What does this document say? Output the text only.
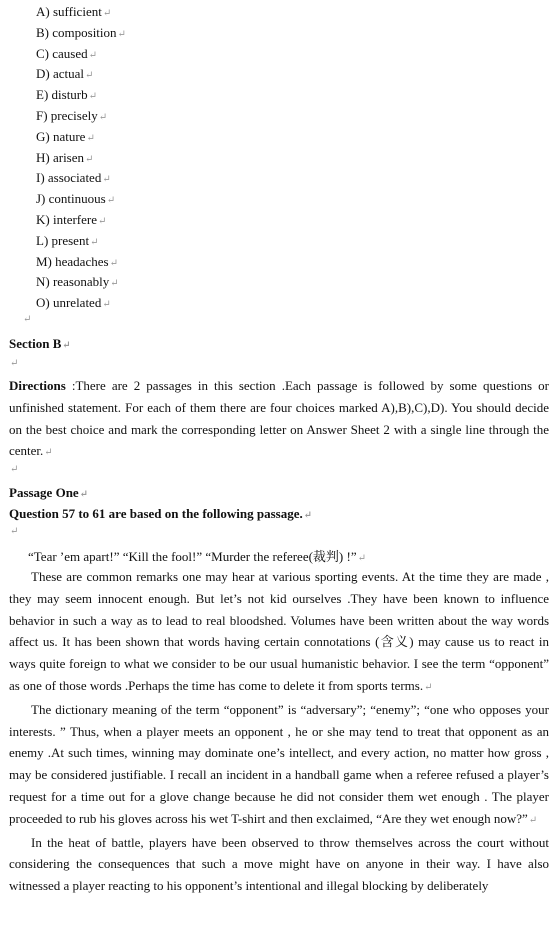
A) sufficient↵
B) composition↵
C) caused↵
D) actual↵
E) disturb↵
F) precisely↵
G) nature↵
H) arisen↵
I) associated↵
J) continuous↵
K) interfere↵
L) present↵
M) headaches↵
N) reasonably↵
O) unrelated↵
↵
Section B↵
↵

Directions :There are 2 passages in this section .Each passage is followed by some questions or unfinished statement. For each of them there are four choices marked A),B),C),D). You should decide on the best choice and mark the corresponding letter on Answer Sheet 2 with a single line through the center.↵

↵
Passage One↵
Question 57 to 61 are based on the following passage.↵
↵
“Tear ’em apart!” “Kill the fool!” “Murder the referee(裁判) !”↵

These are common remarks one may hear at various sporting events. At the time they are made , they may seem innocent enough. But let’s not kid ourselves .They have been known to influence behavior in such a way as to lead to real bloodshed. Volumes have been written about the way words affect us. It has been shown that words having certain connotations (含义) may cause us to react in ways quite foreign to what we consider to be our usual humanistic behavior. I see the term “opponent” as one of those words .Perhaps the time has come to delete it from sports terms.↵

The dictionary meaning of the term “opponent” is “adversary”; “enemy”; “one who opposes your interests. ” Thus, when a player meets an opponent , he or she may tend to treat that opponent as an enemy .At such times, winning may dominate one’s intellect, and every action, no matter how gross , may be considered justifiable. I recall an incident in a handball game when a referee refused a player’s request for a time out for a glove change because he did not consider them wet enough . The player proceeded to rub his gloves across his wet T-shirt and then exclaimed, “Are they wet enough now?”↵

In the heat of battle, players have been observed to throw themselves across the court without considering the consequences that such a move might have on anyone in their way. I have also witnessed a player reacting to his opponent’s intentional and illegal blocking by deliberately
